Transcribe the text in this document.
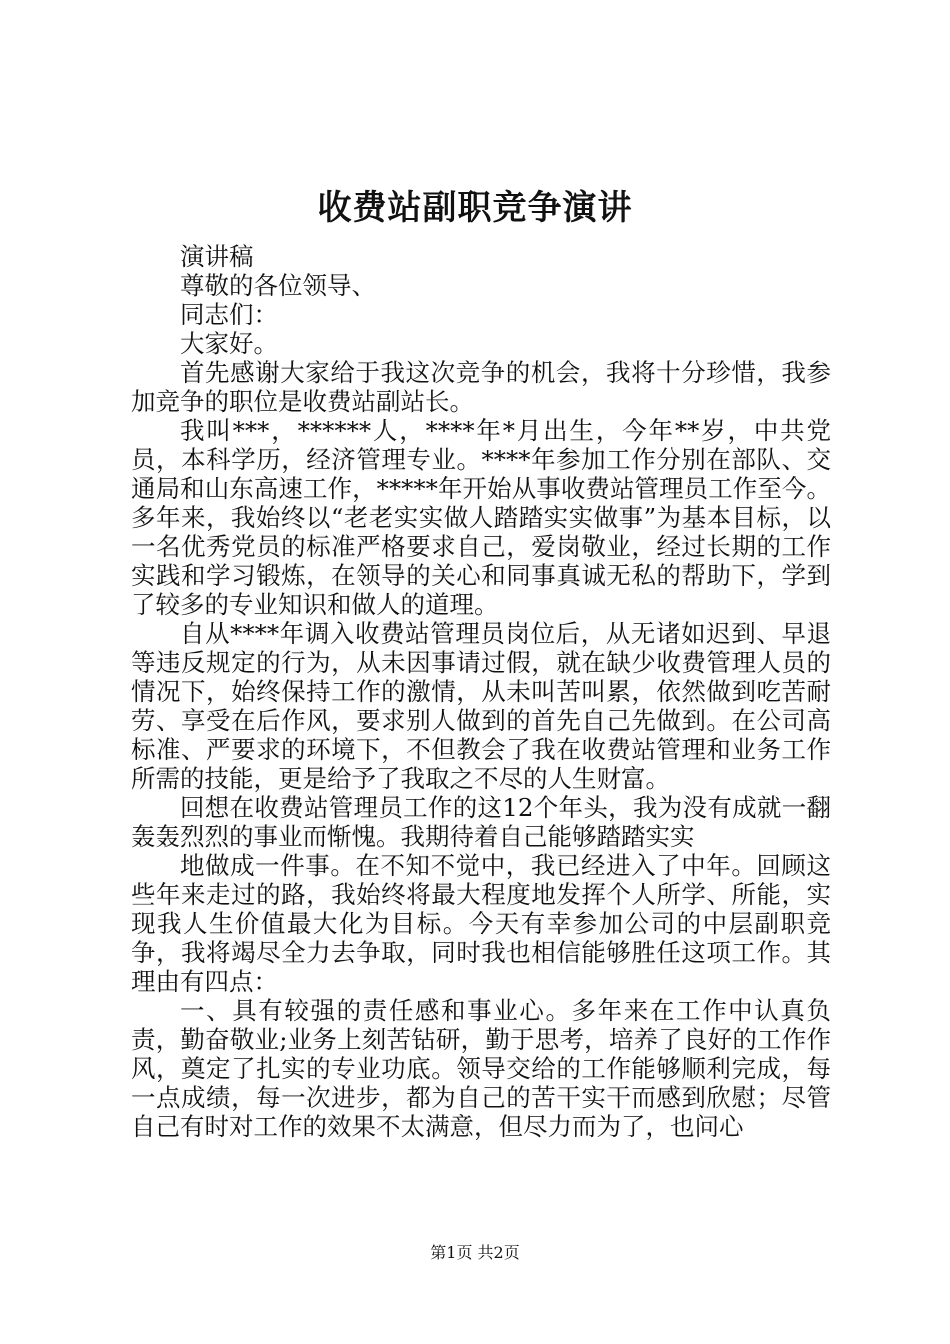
收费站副职竞争演讲

演讲稿

尊敬的各位领导、

同志们：

大家好。

首先感谢大家给于我这次竞争的机会，我将十分珍惜，我参加竞争的职位是收费站副站长。

我叫***，******人，****年*月出生，今年**岁，中共党员，本科学历，经济管理专业。****年参加工作分别在部队、交通局和山东高速工作，*****年开始从事收费站管理员工作至今。多年来，我始终以“老老实实做人踏踏实实做事”为基本目标，以一名优秀党员的标准严格要求自己，爱岗敬业，经过长期的工作实践和学习锻炼，在领导的关心和同事真诚无私的帮助下，学到了较多的专业知识和做人的道理。

自从****年调入收费站管理员岗位后，从无诸如迟到、早退等违反规定的行为，从未因事请过假，就在缺少收费管理人员的情况下，始终保持工作的激情，从未叫苦叫累，依然做到吃苦耐劳、享受在后作风，要求别人做到的首先自己先做到。在公司高标准、严要求的环境下，不但教会了我在收费站管理和业务工作所需的技能，更是给予了我取之不尽的人生财富。

回想在收费站管理员工作的这12个年头，我为没有成就一翻轰轰烈烈的事业而惭愧。我期待着自己能够踏踏实实

地做成一件事。在不知不觉中，我已经进入了中年。回顾这些年来走过的路，我始终将最大程度地发挥个人所学、所能，实现我人生价值最大化为目标。今天有幸参加公司的中层副职竞争，我将竭尽全力去争取，同时我也相信能够胜任这项工作。其理由有四点：

一、具有较强的责任感和事业心。多年来在工作中认真负责，勤奋敬业;业务上刻苦钻研，勤于思考，培养了良好的工作作风，奠定了扎实的专业功底。领导交给的工作能够顺利完成，每一点成绩，每一次进步，都为自己的苦干实干而感到欣慰；尽管自己有时对工作的效果不太满意，但尽力而为了，也问心

第1页 共2页
